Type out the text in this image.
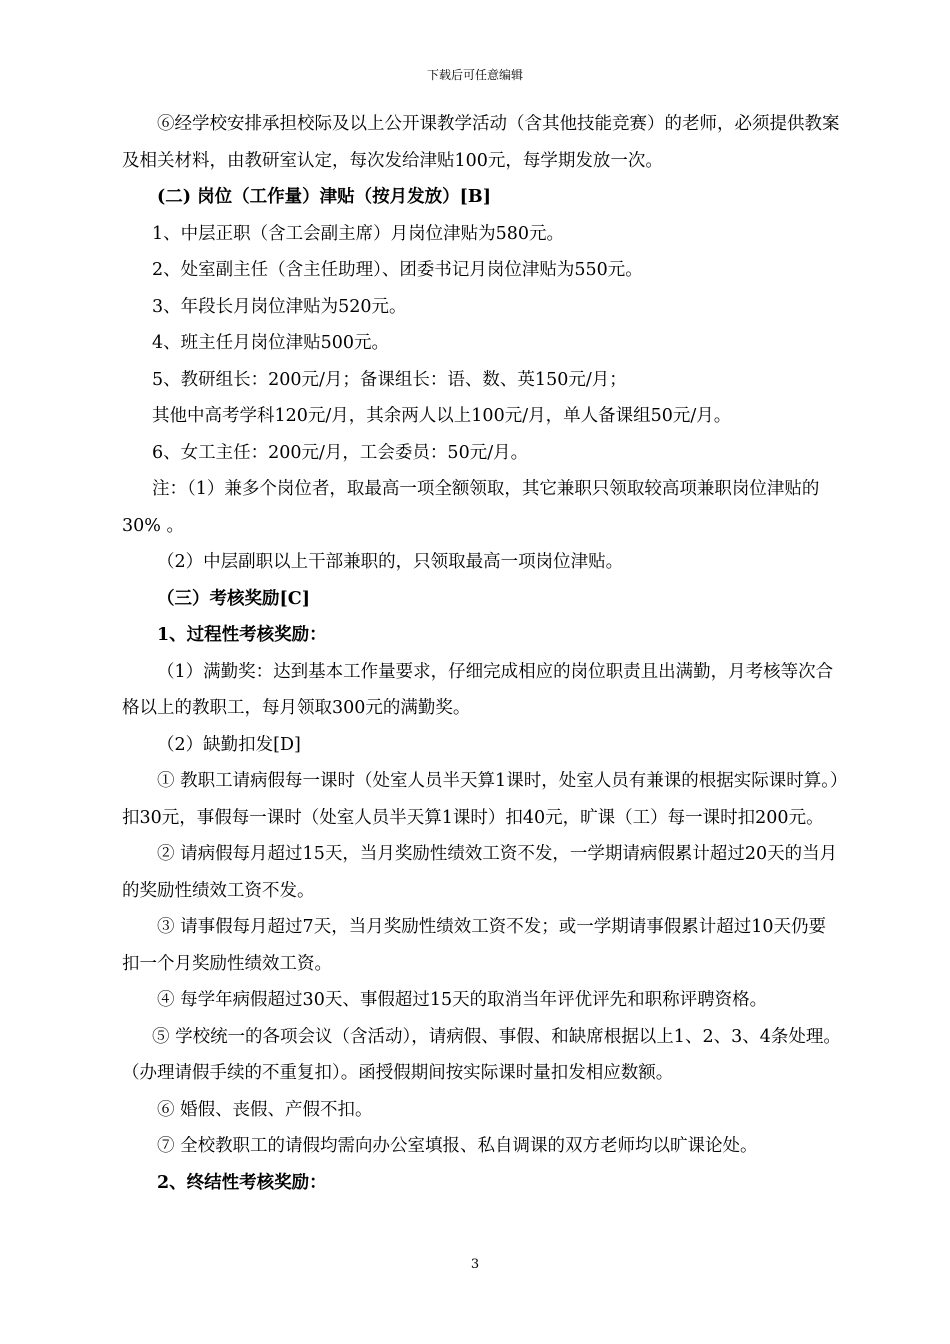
下载后可任意编辑

⑥经学校安排承担校际及以上公开课教学活动（含其他技能竞赛）的老师，必须提供教案及相关材料，由教研室认定，每次发给津贴100元，每学期发放一次。

(二) 岗位（工作量）津贴（按月发放）[B]

1、中层正职（含工会副主席）月岗位津贴为580元。

2、处室副主任（含主任助理）、团委书记月岗位津贴为550元。

3、年段长月岗位津贴为520元。

4、班主任月岗位津贴500元。

5、教研组长：200元/月；备课组长：语、数、英150元/月；

其他中高考学科120元/月，其余两人以上100元/月，单人备课组50元/月。

6、女工主任：200元/月，工会委员：50元/月。

注：（1）兼多个岗位者，取最高一项全额领取，其它兼职只领取较高项兼职岗位津贴的30% 。

（2）中层副职以上干部兼职的，只领取最高一项岗位津贴。

（三）考核奖励[C]

1、过程性考核奖励：

（1）满勤奖：达到基本工作量要求，仔细完成相应的岗位职责且出满勤，月考核等次合格以上的教职工，每月领取300元的满勤奖。

（2）缺勤扣发[D]

① 教职工请病假每一课时（处室人员半天算1课时，处室人员有兼课的根据实际课时算。）扣30元，事假每一课时（处室人员半天算1课时）扣40元，旷课（工）每一课时扣200元。

② 请病假每月超过15天，当月奖励性绩效工资不发，一学期请病假累计超过20天的当月的奖励性绩效工资不发。

③ 请事假每月超过7天，当月奖励性绩效工资不发；或一学期请事假累计超过10天仍要扣一个月奖励性绩效工资。

④ 每学年病假超过30天、事假超过15天的取消当年评优评先和职称评聘资格。

⑤ 学校统一的各项会议（含活动），请病假、事假、和缺席根据以上1、2、3、4条处理。（办理请假手续的不重复扣）。函授假期间按实际课时量扣发相应数额。

⑥ 婚假、丧假、产假不扣。

⑦ 全校教职工的请假均需向办公室填报、私自调课的双方老师均以旷课论处。

2、终结性考核奖励：

3
